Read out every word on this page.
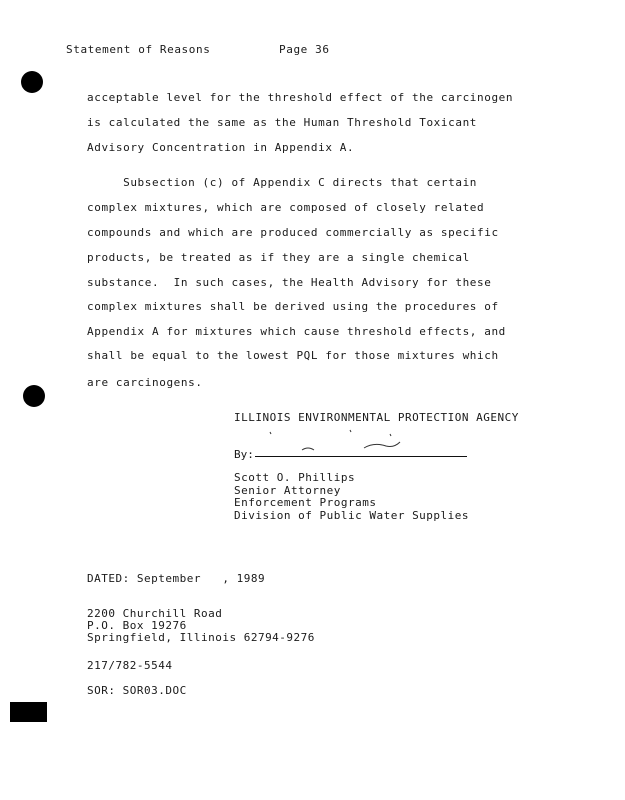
Statement of Reasons	Page 36
acceptable level for the threshold effect of the carcinogen
is calculated the same as the Human Threshold Toxicant
Advisory Concentration in Appendix A.
Subsection (c) of Appendix C directs that certain
complex mixtures, which are composed of closely related
compounds and which are produced commercially as specific
products, be treated as if they are a single chemical
substance.  In such cases, the Health Advisory for these
complex mixtures shall be derived using the procedures of
Appendix A for mixtures which cause threshold effects, and
shall be equal to the lowest PQL for those mixtures which
are carcinogens.
ILLINOIS ENVIRONMENTAL PROTECTION AGENCY
By:
Scott O. Phillips
Senior Attorney
Enforcement Programs
Division of Public Water Supplies
DATED: September   , 1989
2200 Churchill Road
P.O. Box 19276
Springfield, Illinois 62794-9276
217/782-5544
SOR: SOR03.DOC
